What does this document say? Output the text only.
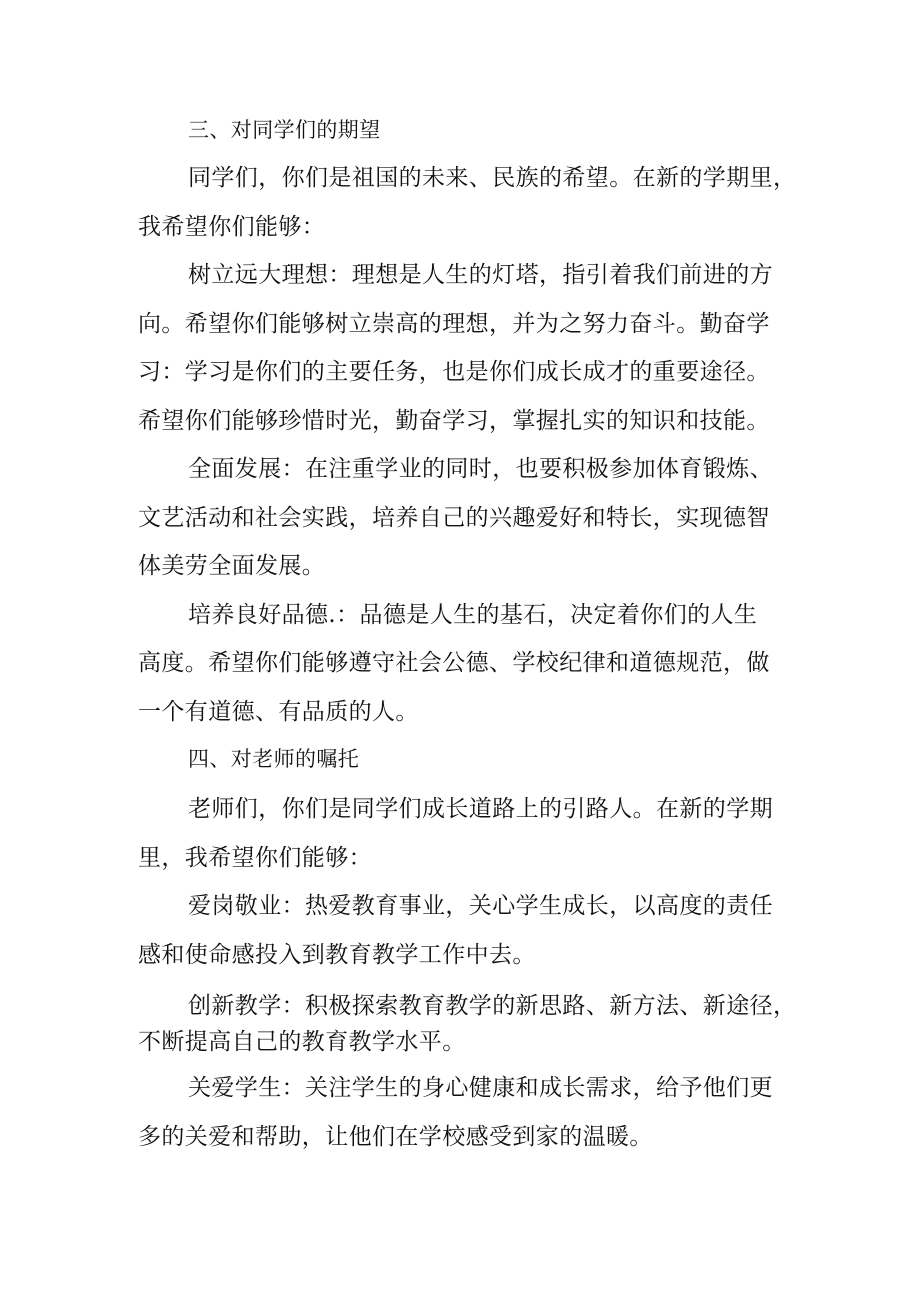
三、对同学们的期望
同学们，你们是祖国的未来、民族的希望。在新的学期里，
我希望你们能够：
树立远大理想：理想是人生的灯塔，指引着我们前进的方
向。希望你们能够树立崇高的理想，并为之努力奋斗。勤奋学
习：学习是你们的主要任务，也是你们成长成才的重要途径。
希望你们能够珍惜时光，勤奋学习，掌握扎实的知识和技能。
全面发展：在注重学业的同时，也要积极参加体育锻炼、
文艺活动和社会实践，培养自己的兴趣爱好和特长，实现德智
体美劳全面发展。
培养良好品德.：品德是人生的基石，决定着你们的人生
高度。希望你们能够遵守社会公德、学校纪律和道德规范，做
一个有道德、有品质的人。
四、对老师的嘱托
老师们，你们是同学们成长道路上的引路人。在新的学期
里，我希望你们能够：
爱岗敬业：热爱教育事业，关心学生成长，以高度的责任
感和使命感投入到教育教学工作中去。
创新教学：积极探索教育教学的新思路、新方法、新途径，
不断提高自己的教育教学水平。
关爱学生：关注学生的身心健康和成长需求，给予他们更
多的关爱和帮助，让他们在学校感受到家的温暖。
